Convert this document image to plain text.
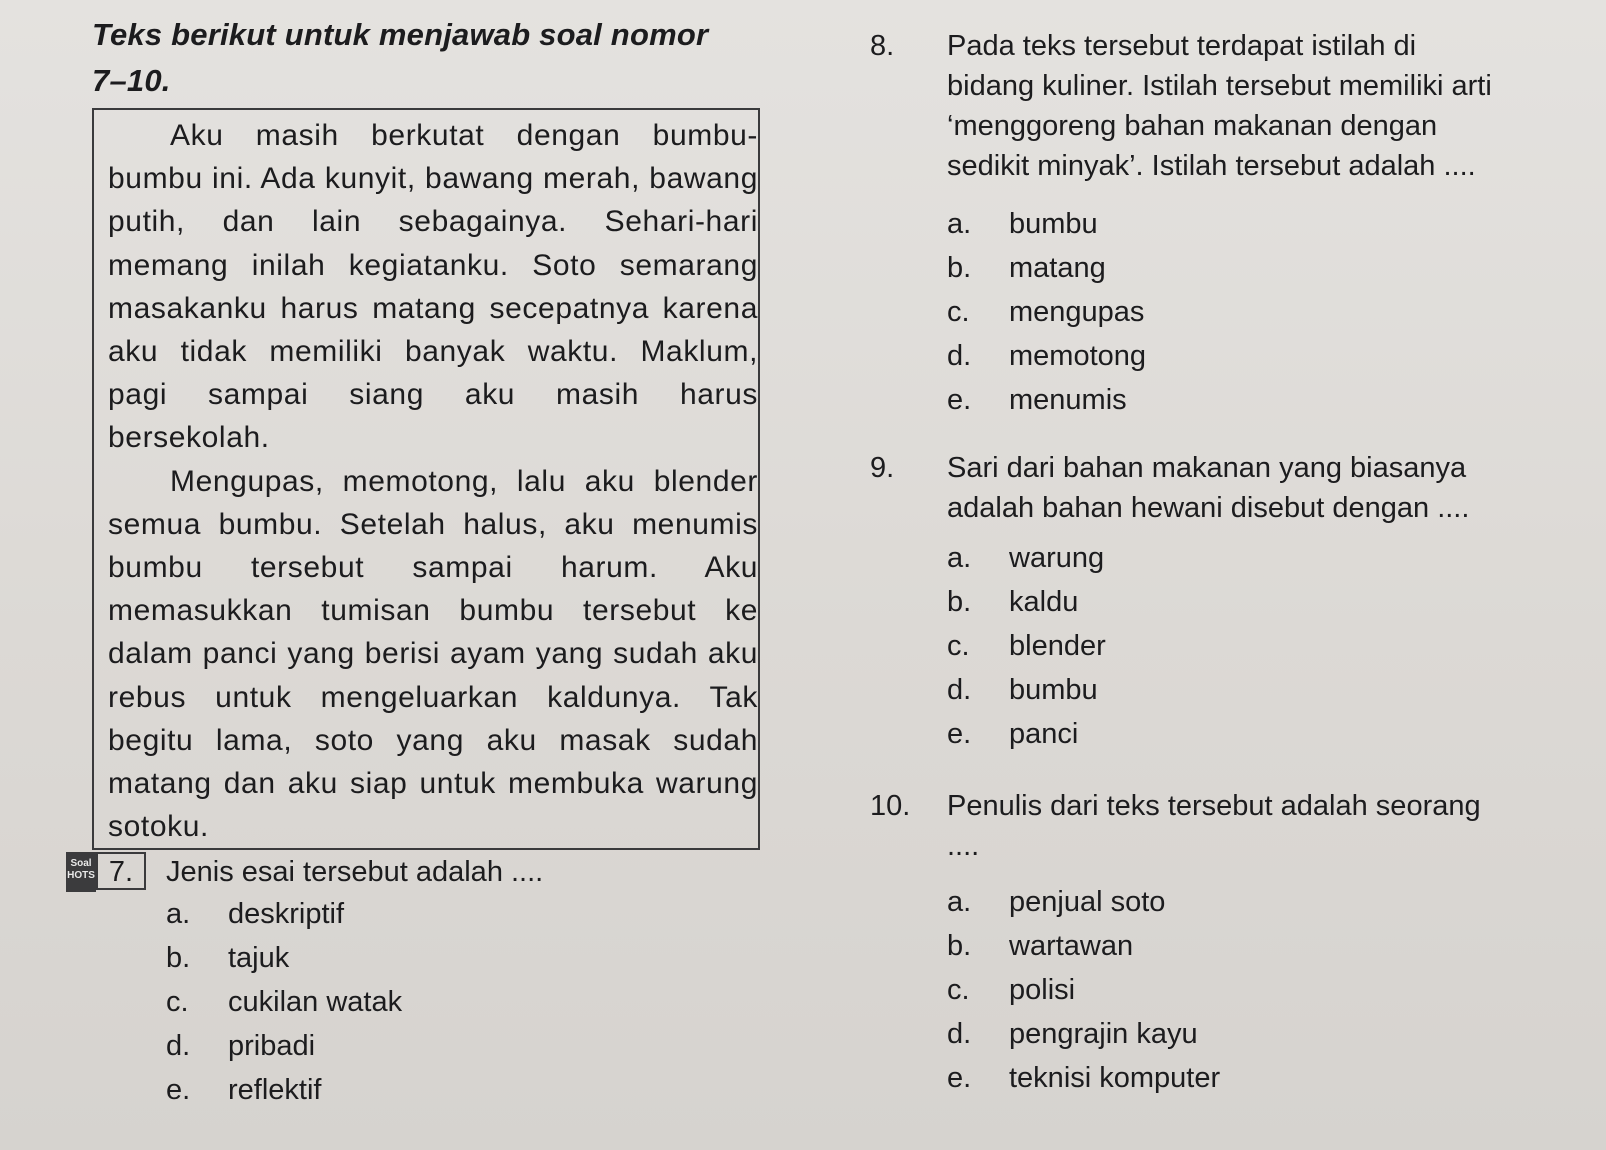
Teks berikut untuk menjawab soal nomor
7–10.

Aku masih berkutat dengan bumbu-bumbu ini. Ada kunyit, bawang merah, bawang putih, dan lain sebagainya. Sehari-hari memang inilah kegiatanku. Soto semarang masakanku harus matang secepatnya karena aku tidak memiliki banyak waktu. Maklum, pagi sampai siang aku masih harus bersekolah.

Mengupas, memotong, lalu aku blender semua bumbu. Setelah halus, aku menumis bumbu tersebut sampai harum. Aku memasukkan tumisan bumbu tersebut ke dalam panci yang berisi ayam yang sudah aku rebus untuk mengeluarkan kaldunya. Tak begitu lama, soto yang aku masak sudah matang dan aku siap untuk membuka warung sotoku.

Soal
HOTS 7.	Jenis esai tersebut adalah ....
a. deskriptif
b. tajuk
c. cukilan watak
d. pribadi
e. reflektif
8. Pada teks tersebut terdapat istilah di bidang kuliner. Istilah tersebut memiliki arti ‘menggoreng bahan makanan dengan sedikit minyak’. Istilah tersebut adalah ....
a. bumbu
b. matang
c. mengupas
d. memotong
e. menumis
9. Sari dari bahan makanan yang biasanya adalah bahan hewani disebut dengan ....
a. warung
b. kaldu
c. blender
d. bumbu
e. panci
10. Penulis dari teks tersebut adalah seorang ....
a. penjual soto
b. wartawan
c. polisi
d. pengrajin kayu
e. teknisi komputer
